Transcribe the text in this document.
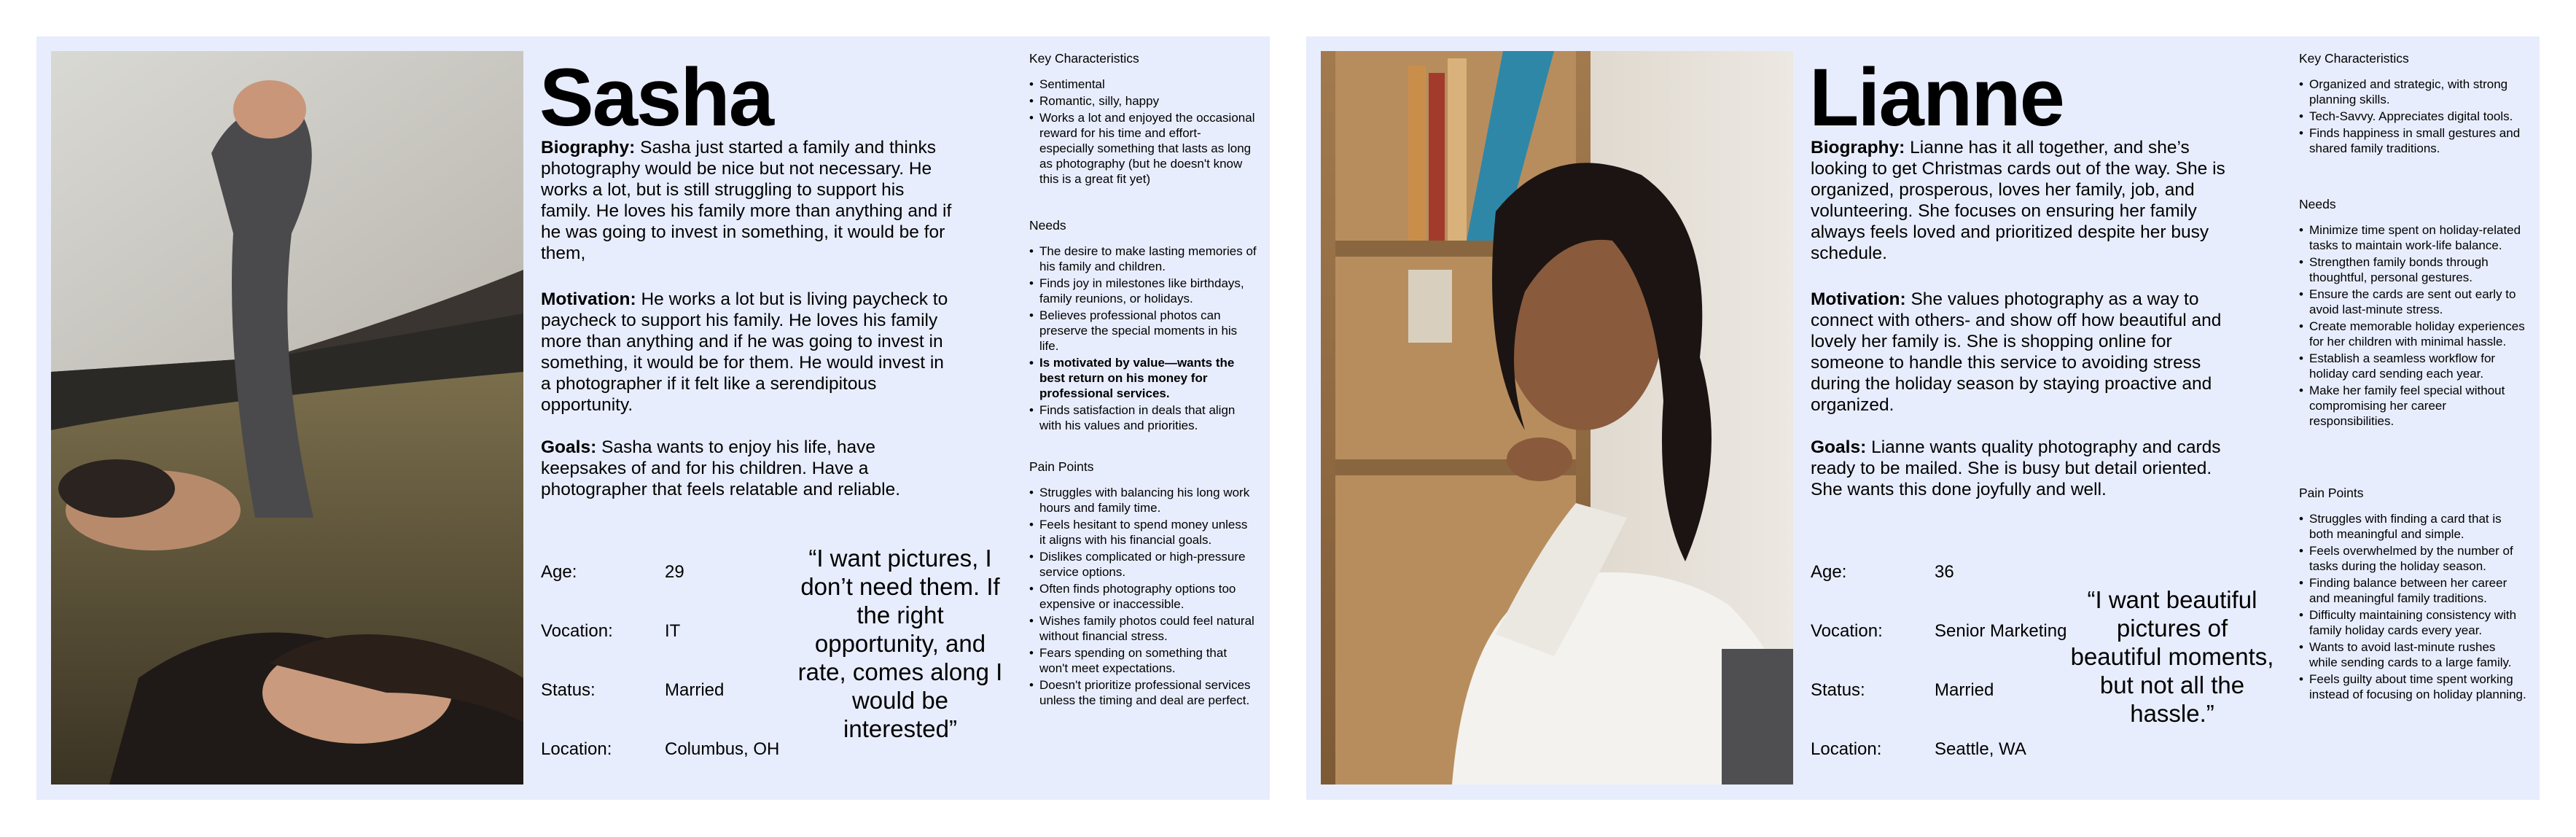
Sasha
Biography: Sasha just started a family and thinks photography would be nice but not necessary. He works a lot, but is still struggling to support his family. He loves his family more than anything and if he was going to invest in something, it would be for them,
Motivation: He works a lot but is living paycheck to paycheck to support his family. He loves his family more than anything and if he was going to invest in something, it would be for them. He would invest in a photographer if it felt like a serendipitous opportunity.
Goals: Sasha wants to enjoy his life, have keepsakes of and for his children. Have a photographer that feels relatable and reliable.
Age:	29
Vocation:	IT
Status:	Married
Location:	Columbus, OH
“I want pictures, I don’t need them. If the right opportunity, and rate, comes along I would be interested”
Key Characteristics
• Sentimental
• Romantic, silly, happy
• Works a lot and enjoyed the occasional reward for his time and effort- especially something that lasts as long as photography (but he doesn't know this is a great fit yet)
Needs
• The desire to make lasting memories of his family and children.
• Finds joy in milestones like birthdays, family reunions, or holidays.
• Believes professional photos can preserve the special moments in his life.
• Is motivated by value—wants the best return on his money for professional services.
• Finds satisfaction in deals that align with his values and priorities.
Pain Points
• Struggles with balancing his long work hours and family time.
• Feels hesitant to spend money unless it aligns with his financial goals.
• Dislikes complicated or high-pressure service options.
• Often finds photography options too expensive or inaccessible.
• Wishes family photos could feel natural without financial stress.
• Fears spending on something that won't meet expectations.
• Doesn't prioritize professional services unless the timing and deal are perfect.
Lianne
Biography: Lianne has it all together, and she’s looking to get Christmas cards out of the way. She is organized, prosperous, loves her family, job, and volunteering. She focuses on ensuring her family always feels loved and prioritized despite her busy schedule.
Motivation: She values photography as a way to connect with others- and show off how beautiful and lovely her family is. She is shopping online for someone to handle this service to avoiding stress during the holiday season by staying proactive and organized.
Goals: Lianne wants quality photography and cards ready to be mailed. She is busy but detail oriented. She wants this done joyfully and well.
Age:	36
Vocation:	Senior Marketing
Status:	Married
Location:	Seattle, WA
“I want beautiful pictures of beautiful moments, but not all the hassle.”
Key Characteristics
• Organized and strategic, with strong planning skills.
• Tech-Savvy. Appreciates digital tools.
• Finds happiness in small gestures and shared family traditions.
Needs
• Minimize time spent on holiday-related tasks to maintain work-life balance.
• Strengthen family bonds through thoughtful, personal gestures.
• Ensure the cards are sent out early to avoid last-minute stress.
• Create memorable holiday experiences for her children with minimal hassle.
• Establish a seamless workflow for holiday card sending each year.
• Make her family feel special without compromising her career responsibilities.
Pain Points
• Struggles with finding a card that is both meaningful and simple.
• Feels overwhelmed by the number of tasks during the holiday season.
• Finding balance between her career and meaningful family traditions.
• Difficulty maintaining consistency with family holiday cards every year.
• Wants to avoid last-minute rushes while sending cards to a large family.
• Feels guilty about time spent working instead of focusing on holiday planning.
